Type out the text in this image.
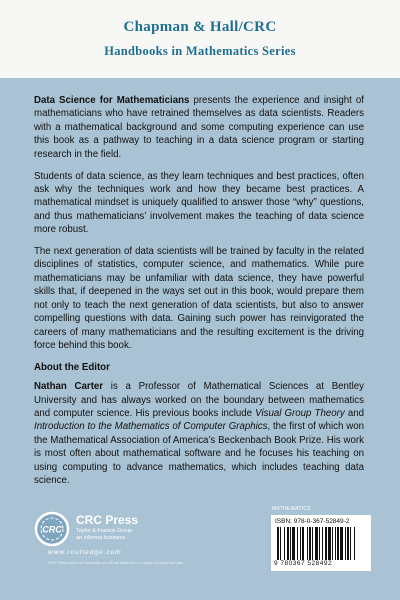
Chapman & Hall/CRC
Handbooks in Mathematics Series

Data Science for Mathematicians presents the experience and insight of mathematicians who have retrained themselves as data scientists. Readers with a mathematical background and some computing experience can use this book as a pathway to teaching in a data science program or starting research in the field.

Students of data science, as they learn techniques and best practices, often ask why the techniques work and how they became best practices. A mathematical mindset is uniquely qualified to answer those “why” questions, and thus mathematicians’ involvement makes the teaching of data science more robust.

The next generation of data scientists will be trained by faculty in the related disciplines of statistics, computer science, and mathematics. While pure mathematicians may be unfamiliar with data science, they have powerful skills that, if deepened in the ways set out in this book, would prepare them not only to teach the next generation of data scientists, but also to answer compelling questions with data. Gaining such power has reinvigorated the careers of many mathematicians and the resulting excitement is the driving force behind this book.

About the Editor

Nathan Carter is a Professor of Mathematical Sciences at Bentley University and has always worked on the boundary between mathematics and computer science. His previous books include Visual Group Theory and Introduction to the Mathematics of Computer Graphics, the first of which won the Mathematical Association of America’s Beckenbach Book Prize. His work is most often about mathematical software and he focuses his teaching on using computing to advance mathematics, which includes teaching data science.

CRC
CRC Press
Taylor & Francis Group
an informa business
www.routledge.com
CRC Press titles are available as eBook editions in a range of digital formats
MATHEMATICS
ISBN: 978-0-367-52849-2
9 780367 528492
